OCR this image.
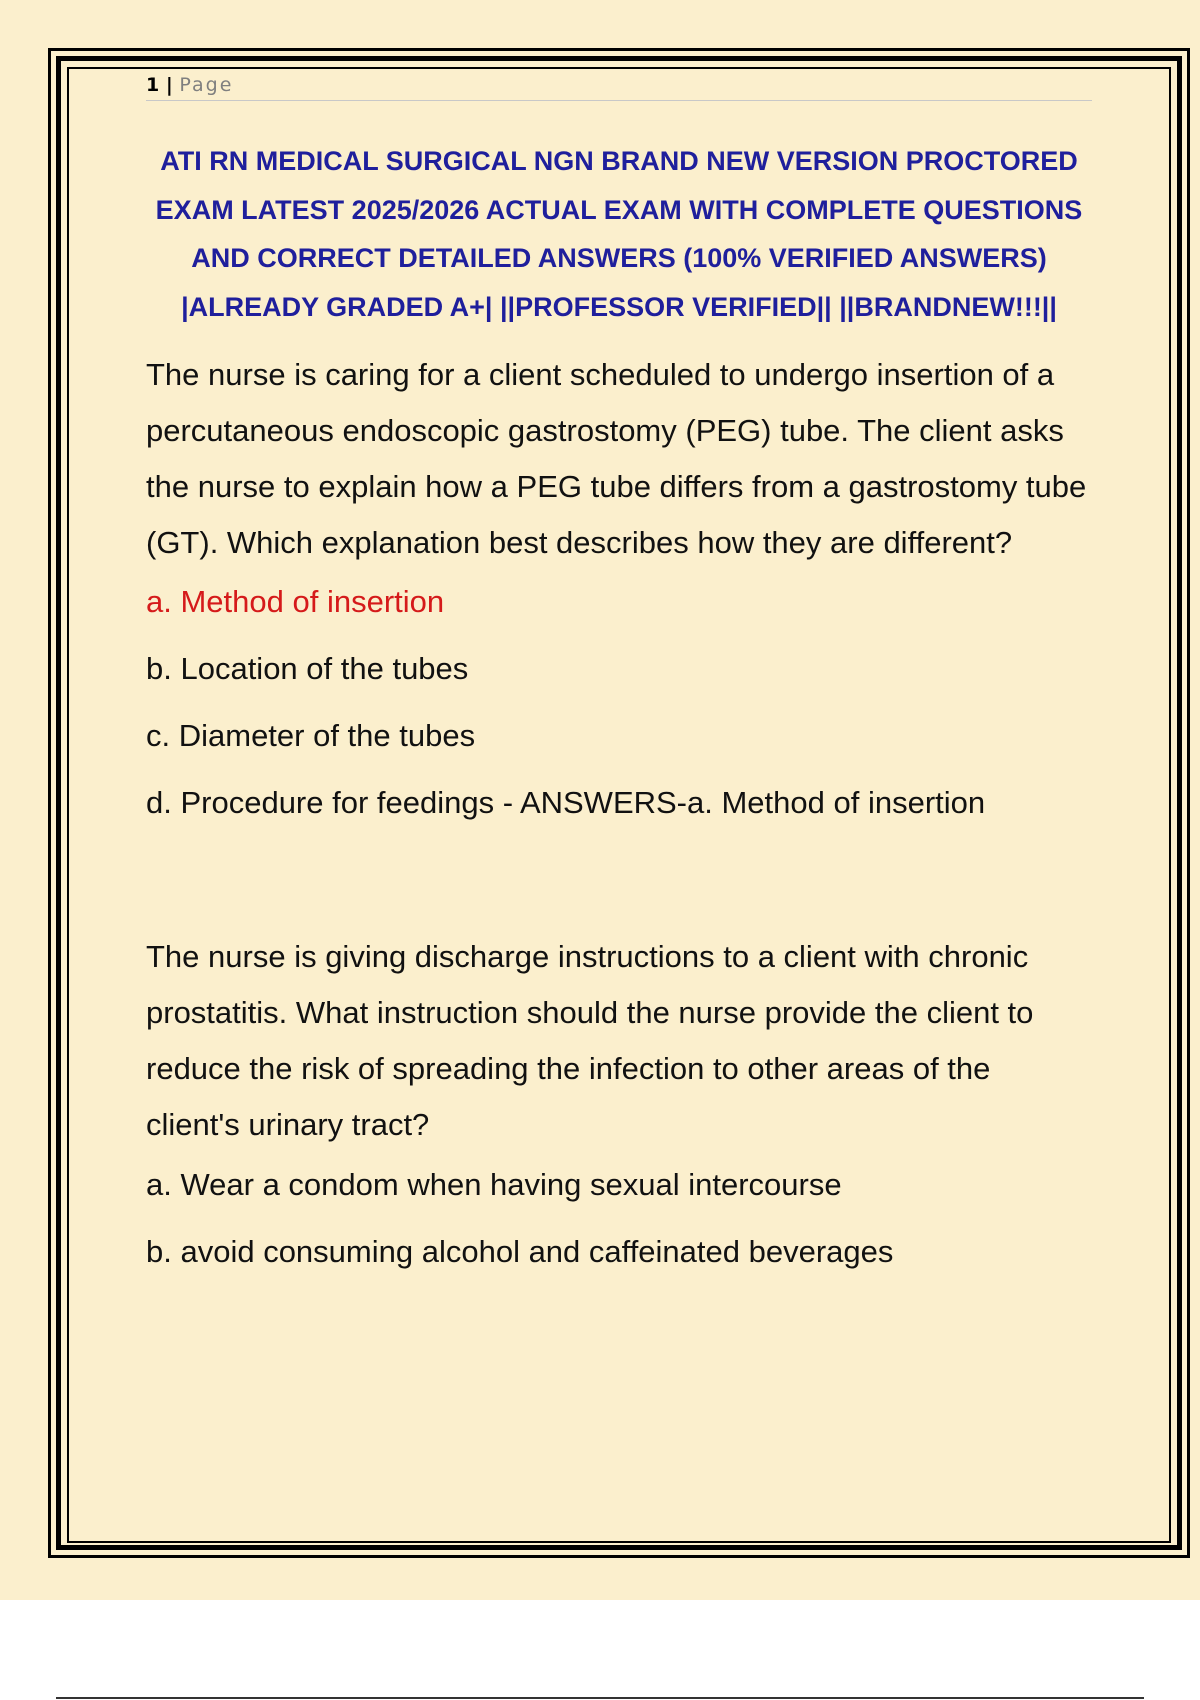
1 | Page
ATI RN MEDICAL SURGICAL NGN BRAND NEW VERSION PROCTORED EXAM LATEST 2025/2026 ACTUAL EXAM WITH COMPLETE QUESTIONS AND CORRECT DETAILED ANSWERS (100% VERIFIED ANSWERS) |ALREADY GRADED A+| ||PROFESSOR VERIFIED|| ||BRANDNEW!!!||
The nurse is caring for a client scheduled to undergo insertion of a percutaneous endoscopic gastrostomy (PEG) tube. The client asks the nurse to explain how a PEG tube differs from a gastrostomy tube (GT). Which explanation best describes how they are different?
a. Method of insertion
b. Location of the tubes
c. Diameter of the tubes
d. Procedure for feedings - ANSWERS-a. Method of insertion
The nurse is giving discharge instructions to a client with chronic prostatitis. What instruction should the nurse provide the client to reduce the risk of spreading the infection to other areas of the client's urinary tract?
a. Wear a condom when having sexual intercourse
b. avoid consuming alcohol and caffeinated beverages
